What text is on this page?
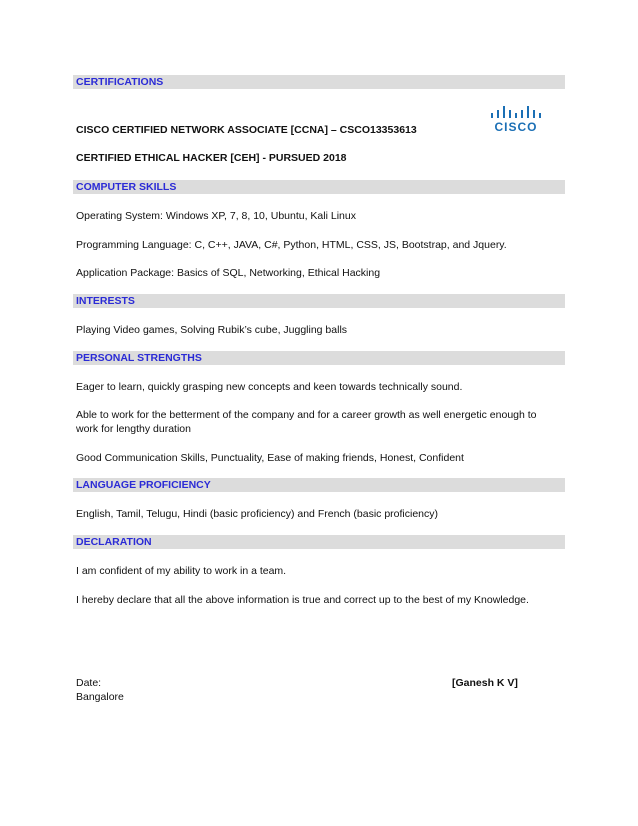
CERTIFICATIONS
CISCO
CISCO CERTIFIED NETWORK ASSOCIATE [CCNA] – CSCO13353613
CERTIFIED ETHICAL HACKER [CEH] - PURSUED 2018
COMPUTER SKILLS
Operating System: Windows XP, 7, 8, 10, Ubuntu, Kali Linux
Programming Language: C, C++, JAVA, C#, Python, HTML, CSS, JS, Bootstrap, and Jquery.
Application Package: Basics of SQL, Networking, Ethical Hacking
INTERESTS
Playing Video games, Solving Rubik’s cube, Juggling balls
PERSONAL STRENGTHS
Eager to learn, quickly grasping new concepts and keen towards technically sound.
Able to work for the betterment of the company and for a career growth as well energetic enough to work for lengthy duration
Good Communication Skills, Punctuality, Ease of making friends, Honest, Confident
LANGUAGE PROFICIENCY
English, Tamil, Telugu, Hindi (basic proficiency) and French (basic proficiency)
DECLARATION
I am confident of my ability to work in a team.
I hereby declare that all the above information is true and correct up to the best of my Knowledge.
Date:
Bangalore
[Ganesh K V]
